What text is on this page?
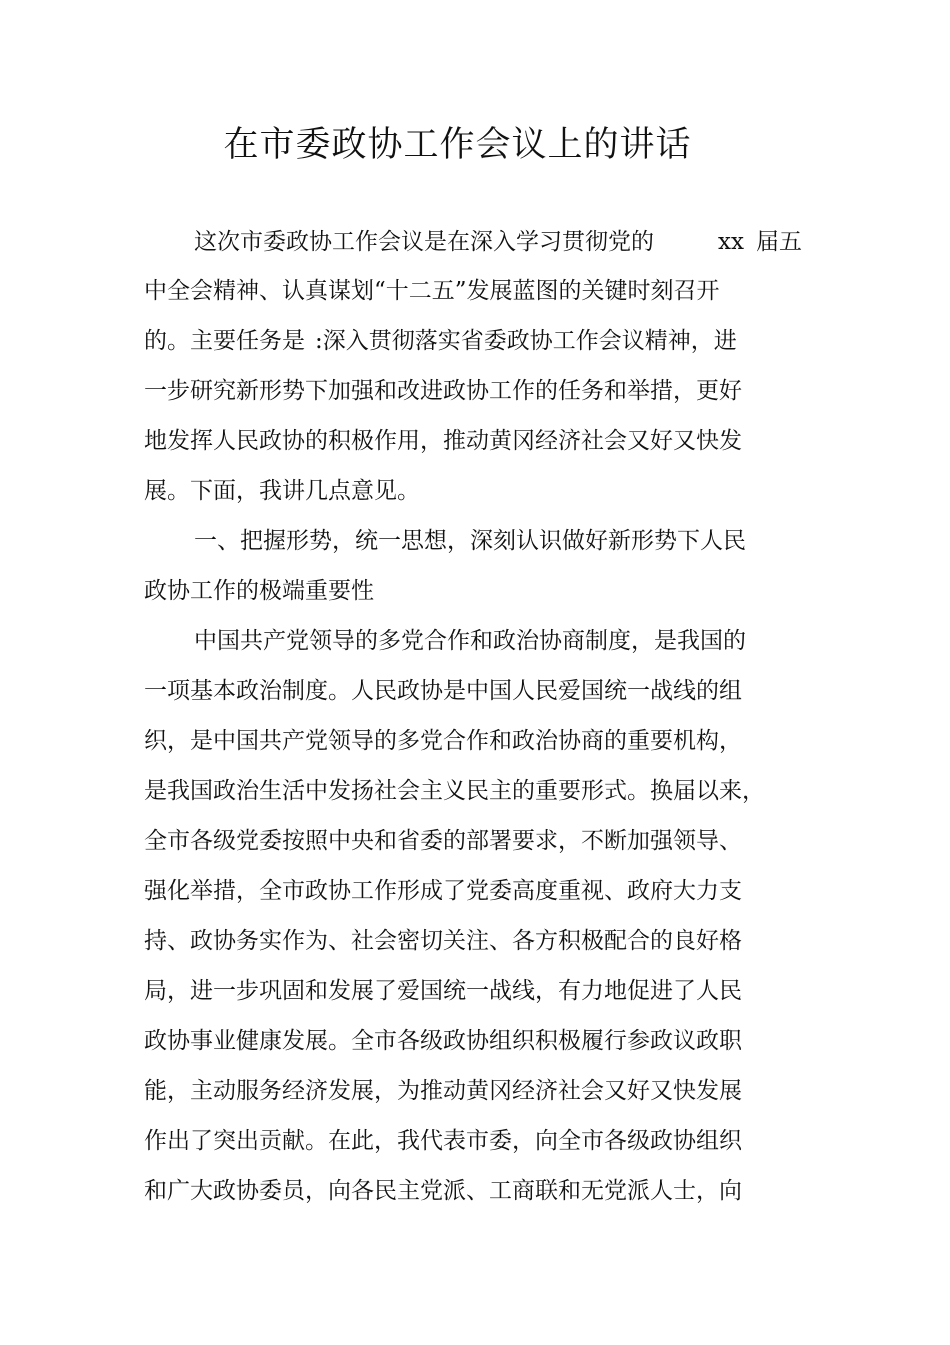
在市委政协工作会议上的讲话
这次市委政协工作会议是在深入学习贯彻党的	xx 届五
中全会精神、认真谋划“十二五”发展蓝图的关键时刻召开
的。主要任务是 :深入贯彻落实省委政协工作会议精神，进
一步研究新形势下加强和改进政协工作的任务和举措，更好
地发挥人民政协的积极作用，推动黄冈经济社会又好又快发
展。下面，我讲几点意见。
一、把握形势，统一思想，深刻认识做好新形势下人民
政协工作的极端重要性
中国共产党领导的多党合作和政治协商制度，是我国的
一项基本政治制度。人民政协是中国人民爱国统一战线的组
织，是中国共产党领导的多党合作和政治协商的重要机构，
是我国政治生活中发扬社会主义民主的重要形式。换届以来，
全市各级党委按照中央和省委的部署要求，不断加强领导、
强化举措，全市政协工作形成了党委高度重视、政府大力支
持、政协务实作为、社会密切关注、各方积极配合的良好格
局，进一步巩固和发展了爱国统一战线，有力地促进了人民
政协事业健康发展。全市各级政协组织积极履行参政议政职
能，主动服务经济发展，为推动黄冈经济社会又好又快发展
作出了突出贡献。在此，我代表市委，向全市各级政协组织
和广大政协委员，向各民主党派、工商联和无党派人士，向
